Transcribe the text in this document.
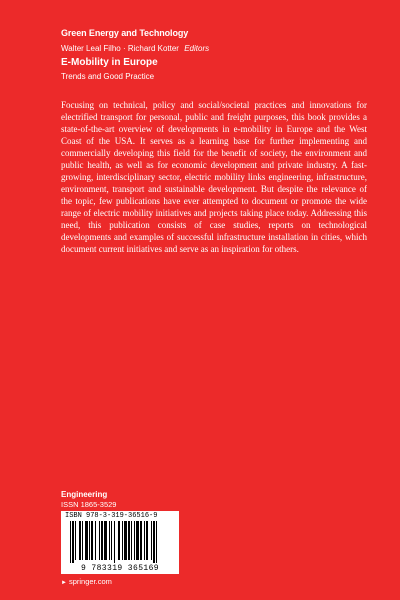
Green Energy and Technology
Walter Leal Filho · Richard Kotter Editors
E-Mobility in Europe
Trends and Good Practice

Focusing on technical, policy and social/societal practices and innovations for electrified transport for personal, public and freight purposes, this book provides a state-of-the-art overview of developments in e-mobility in Europe and the West Coast of the USA. It serves as a learning base for further implementing and commercially developing this field for the benefit of society, the environment and public health, as well as for economic development and private industry. A fast-growing, interdisciplinary sector, electric mobility links engineering, infrastructure, environment, transport and sustainable development. But despite the relevance of the topic, few publications have ever attempted to document or promote the wide range of electric mobility initiatives and projects taking place today. Addressing this need, this publication consists of case studies, reports on technological developments and examples of successful infrastructure installation in cities, which document current initiatives and serve as an inspiration for others.

Engineering
ISSN 1865-3529
ISBN 978-3-319-36516-9
9 783319 365169
► springer.com
